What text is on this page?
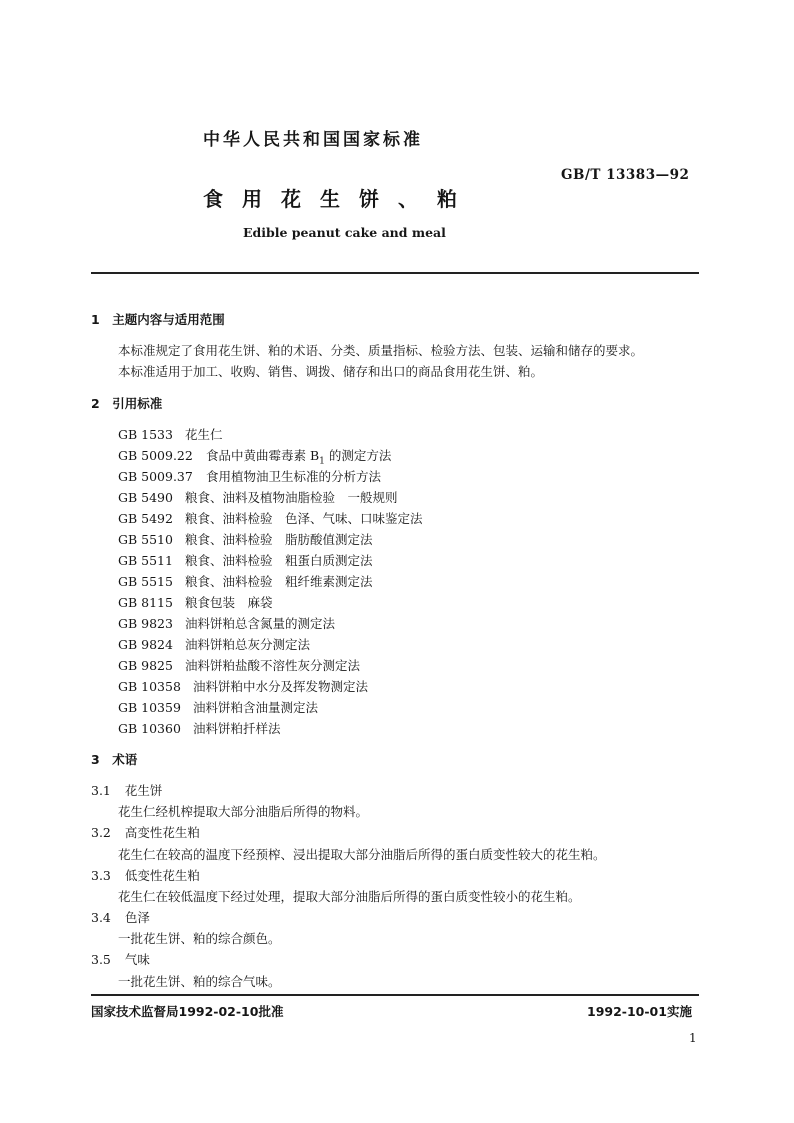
中华人民共和国国家标准
GB/T 13383—92
食用花生饼、粕
Edible peanut cake and meal
1　主题内容与适用范围
本标准规定了食用花生饼、粕的术语、分类、质量指标、检验方法、包装、运输和储存的要求。
本标准适用于加工、收购、销售、调拨、储存和出口的商品食用花生饼、粕。
2　引用标准
GB 1533 花生仁
GB 5009.22 食品中黄曲霉毒素 $B_1$ 的测定方法
GB 5009.37 食用植物油卫生标准的分析方法
GB 5490 粮食、油料及植物油脂检验　一般规则
GB 5492 粮食、油料检验　色泽、气味、口味鉴定法
GB 5510 粮食、油料检验　脂肪酸值测定法
GB 5511 粮食、油料检验　粗蛋白质测定法
GB 5515 粮食、油料检验　粗纤维素测定法
GB 8115 粮食包装　麻袋
GB 9823 油料饼粕总含氮量的测定法
GB 9824 油料饼粕总灰分测定法
GB 9825 油料饼粕盐酸不溶性灰分测定法
GB 10358 油料饼粕中水分及挥发物测定法
GB 10359 油料饼粕含油量测定法
GB 10360 油料饼粕扦样法
3　术语
3.1 花生饼
花生仁经机榨提取大部分油脂后所得的物料。
3.2 高变性花生粕
花生仁在较高的温度下经预榨、浸出提取大部分油脂后所得的蛋白质变性较大的花生粕。
3.3 低变性花生粕
花生仁在较低温度下经过处理，提取大部分油脂后所得的蛋白质变性较小的花生粕。
3.4 色泽
一批花生饼、粕的综合颜色。
3.5 气味
一批花生饼、粕的综合气味。
国家技术监督局1992-02-10批准	1992-10-01实施
1
